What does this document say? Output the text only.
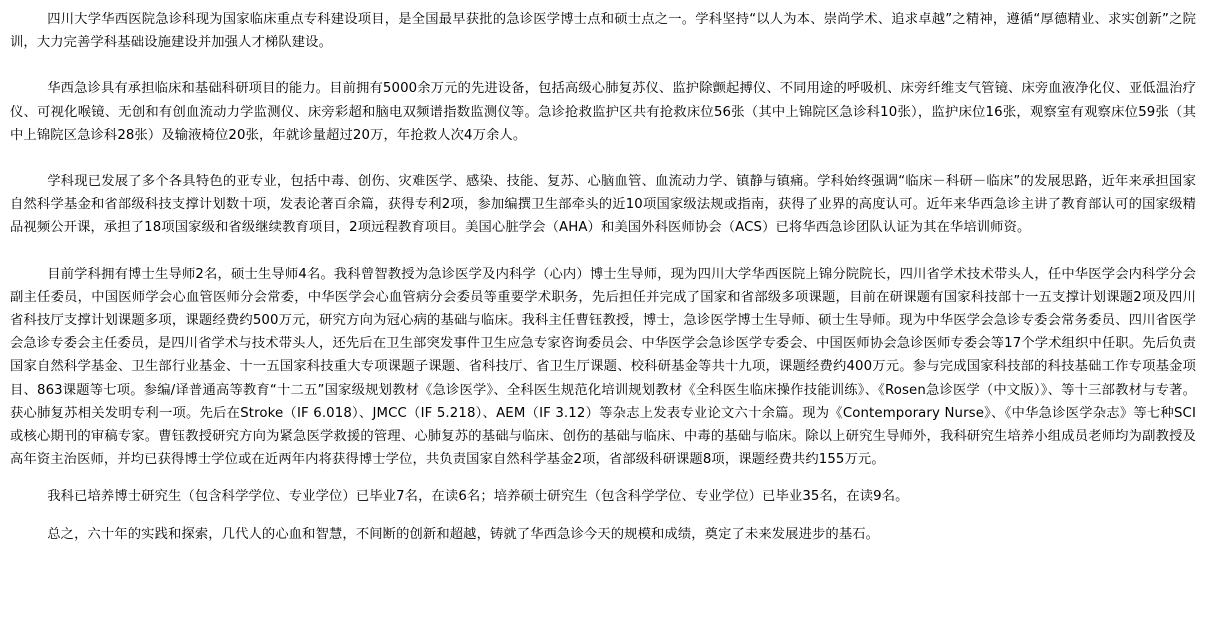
四川大学华西医院急诊科现为国家临床重点专科建设项目，是全国最早获批的急诊医学博士点和硕士点之一。学科坚持“以人为本、崇尚学术、追求卓越”之精神，遵循“厚德精业、求实创新”之院训，大力完善学科基础设施建设并加强人才梯队建设。

华西急诊具有承担临床和基础科研项目的能力。目前拥有5000余万元的先进设备，包括高级心肺复苏仪、监护除颤起搏仪、不同用途的呼吸机、床旁纤维支气管镜、床旁血液净化仪、亚低温治疗仪、可视化喉镜、无创和有创血流动力学监测仪、床旁彩超和脑电双频谱指数监测仪等。急诊抢救监护区共有抢救床位56张（其中上锦院区急诊科10张），监护床位16张，观察室有观察床位59张（其中上锦院区急诊科28张）及输液椅位20张，年就诊量超过20万，年抢救人次4万余人。

学科现已发展了多个各具特色的亚专业，包括中毒、创伤、灾难医学、感染、技能、复苏、心脑血管、血流动力学、镇静与镇痛。学科始终强调“临床－科研－临床”的发展思路，近年来承担国家自然科学基金和省部级科技支撑计划数十项，发表论著百余篇，获得专利2项，参加编撰卫生部牵头的近10项国家级法规或指南，获得了业界的高度认可。近年来华西急诊主讲了教育部认可的国家级精品视频公开课，承担了18项国家级和省级继续教育项目，2项远程教育项目。美国心脏学会（AHA）和美国外科医师协会（ACS）已将华西急诊团队认证为其在华培训师资。

目前学科拥有博士生导师2名，硕士生导师4名。我科曾智教授为急诊医学及内科学（心内）博士生导师，现为四川大学华西医院上锦分院院长，四川省学术技术带头人，任中华医学会内科学分会副主任委员，中国医师学会心血管医师分会常委，中华医学会心血管病分会委员等重要学术职务，先后担任并完成了国家和省部级多项课题，目前在研课题有国家科技部十一五支撑计划课题2项及四川省科技厅支撑计划课题多项，课题经费约500万元，研究方向为冠心病的基础与临床。我科主任曹钰教授，博士，急诊医学博士生导师、硕士生导师。现为中华医学会急诊专委会常务委员、四川省医学会急诊专委会主任委员，是四川省学术与技术带头人，还先后在卫生部突发事件卫生应急专家咨询委员会、中华医学会急诊医学专委会、中国医师协会急诊医师专委会等17个学术组织中任职。先后负责国家自然科学基金、卫生部行业基金、十一五国家科技重大专项课题子课题、省科技厅、省卫生厅课题、校科研基金等共十九项，课题经费约400万元。参与完成国家科技部的科技基础工作专项基金项目、863课题等七项。参编/译普通高等教育“十二五”国家级规划教材《急诊医学》、全科医生规范化培训规划教材《全科医生临床操作技能训练》、《Rosen急诊医学（中文版）》、等十三部教材与专著。获心肺复苏相关发明专利一项。先后在Stroke（IF 6.018）、JMCC（IF 5.218）、AEM（IF 3.12）等杂志上发表专业论文六十余篇。现为《Contemporary Nurse》、《中华急诊医学杂志》等七种SCI或核心期刊的审稿专家。曹钰教授研究方向为紧急医学救援的管理、心肺复苏的基础与临床、创伤的基础与临床、中毒的基础与临床。除以上研究生导师外，我科研究生培养小组成员老师均为副教授及高年资主治医师，并均已获得博士学位或在近两年内将获得博士学位，共负责国家自然科学基金2项，省部级科研课题8项，课题经费共约155万元。

我科已培养博士研究生（包含科学学位、专业学位）已毕业7名，在读6名；培养硕士研究生（包含科学学位、专业学位）已毕业35名，在读9名。

总之，六十年的实践和探索，几代人的心血和智慧，不间断的创新和超越，铸就了华西急诊今天的规模和成绩，奠定了未来发展进步的基石。
